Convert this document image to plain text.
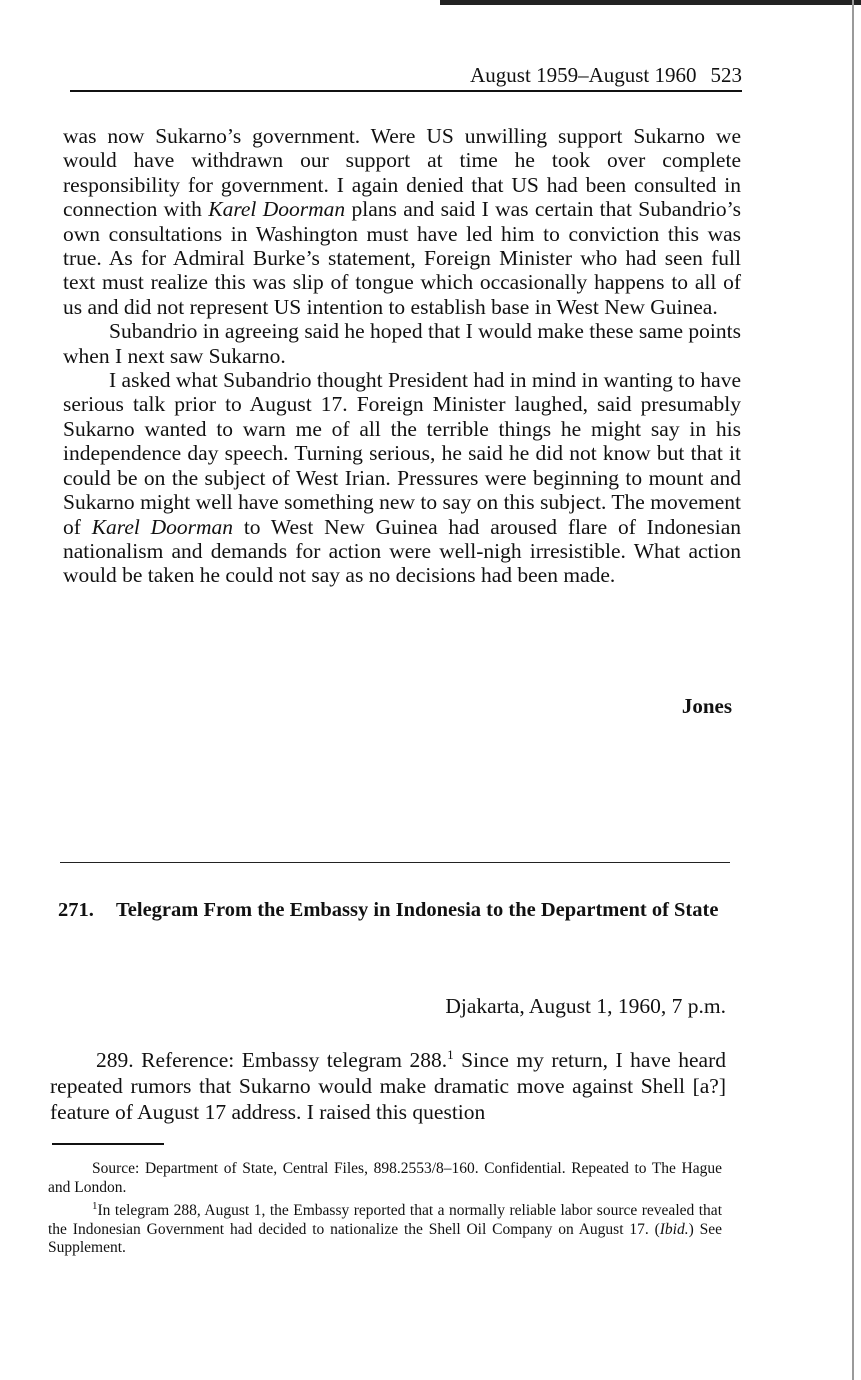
August 1959–August 1960 523

was now Sukarno’s government. Were US unwilling support Sukarno we would have withdrawn our support at time he took over complete responsibility for government. I again denied that US had been consulted in connection with Karel Doorman plans and said I was certain that Subandrio’s own consultations in Washington must have led him to conviction this was true. As for Admiral Burke’s statement, Foreign Minister who had seen full text must realize this was slip of tongue which occasionally happens to all of us and did not represent US intention to establish base in West New Guinea.

Subandrio in agreeing said he hoped that I would make these same points when I next saw Sukarno.

I asked what Subandrio thought President had in mind in wanting to have serious talk prior to August 17. Foreign Minister laughed, said presumably Sukarno wanted to warn me of all the terrible things he might say in his independence day speech. Turning serious, he said he did not know but that it could be on the subject of West Irian. Pressures were beginning to mount and Sukarno might well have something new to say on this subject. The movement of Karel Doorman to West New Guinea had aroused flare of Indonesian nationalism and demands for action were well-nigh irresistible. What action would be taken he could not say as no decisions had been made.

Jones
271. Telegram From the Embassy in Indonesia to the Department of State
Djakarta, August 1, 1960, 7 p.m.

289. Reference: Embassy telegram 288.$^1$ Since my return, I have heard repeated rumors that Sukarno would make dramatic move against Shell [a?] feature of August 17 address. I raised this question

Source: Department of State, Central Files, 898.2553/8–160. Confidential. Repeated to The Hague and London.

$^1$In telegram 288, August 1, the Embassy reported that a normally reliable labor source revealed that the Indonesian Government had decided to nationalize the Shell Oil Company on August 17. (Ibid.) See Supplement.
